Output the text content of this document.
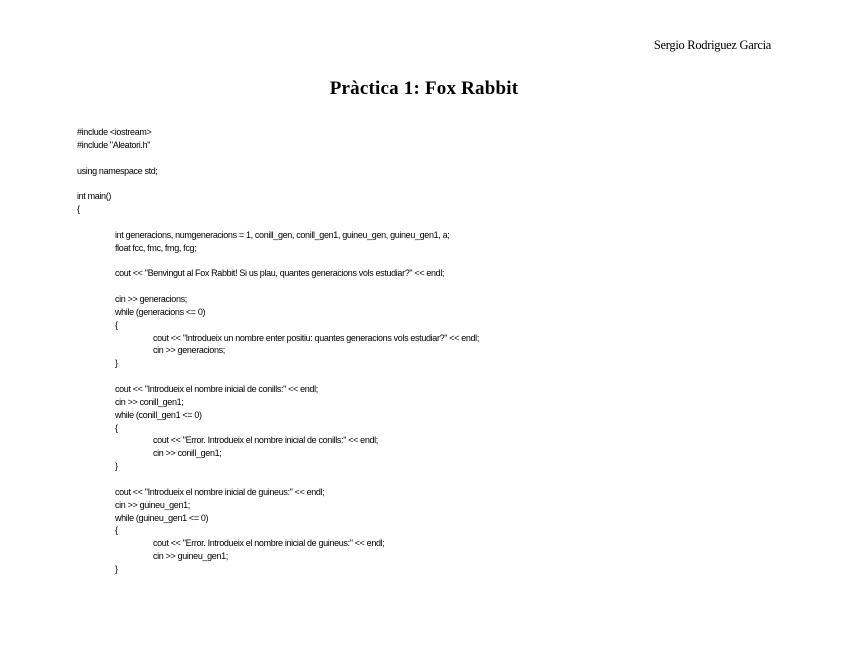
Sergio Rodriguez Garcia
Pràctica 1: Fox Rabbit
#include <iostream>
#include "Aleatori.h"
using namespace std;
int main()
{
int generacions, numgeneracions = 1, conill_gen, conill_gen1, guineu_gen, guineu_gen1, a;
float fcc, fmc, fmg, fcg;
cout << "Benvingut al Fox Rabbit! Si us plau, quantes generacions vols estudiar?" << endl;
cin >> generacions;
while (generacions <= 0)
{
cout << "Introdueix un nombre enter positiu: quantes generacions vols estudiar?" << endl;
cin >> generacions;
}
cout << "Introdueix el nombre inicial de conills:" << endl;
cin >> conill_gen1;
while (conill_gen1 <= 0)
{
cout << "Error. Introdueix el nombre inicial de conills:" << endl;
cin >> conill_gen1;
}
cout << "Introdueix el nombre inicial de guineus:" << endl;
cin >> guineu_gen1;
while (guineu_gen1 <= 0)
{
cout << "Error. Introdueix el nombre inicial de guineus:" << endl;
cin >> guineu_gen1;
}
